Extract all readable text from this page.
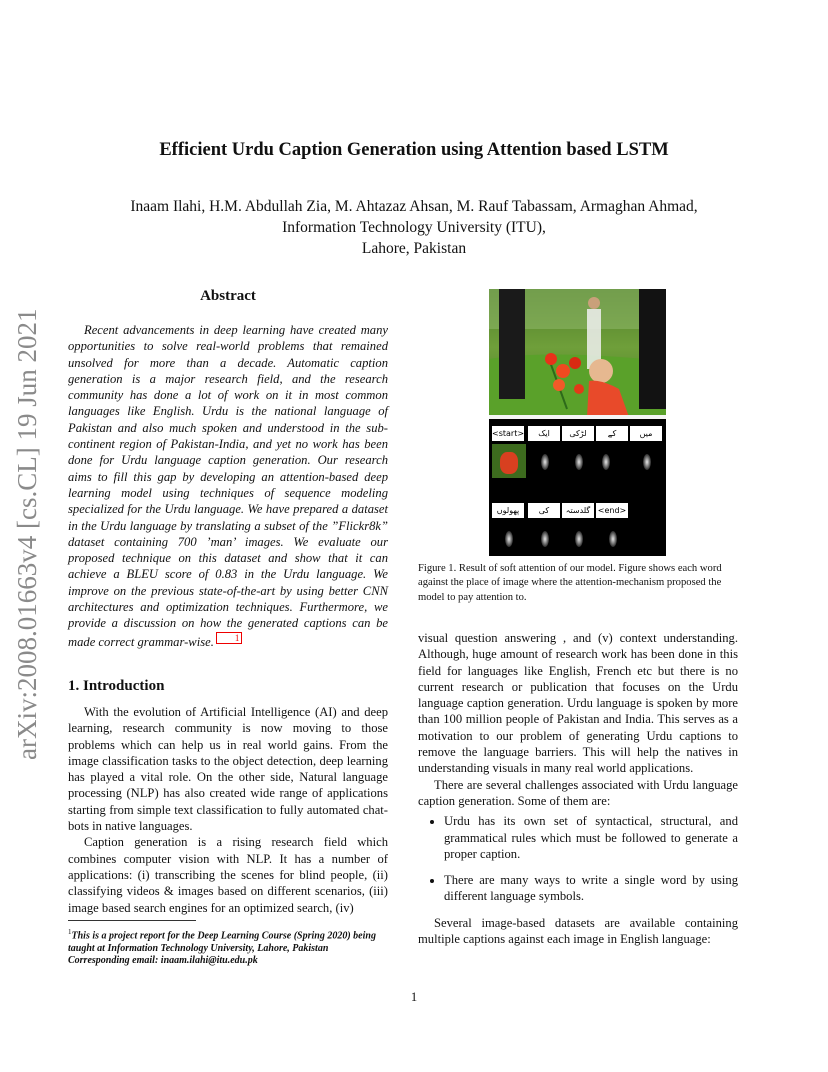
arXiv:2008.01663v4 [cs.CL] 19 Jun 2021
Efficient Urdu Caption Generation using Attention based LSTM
Inaam Ilahi, H.M. Abdullah Zia, M. Ahtazaz Ahsan, M. Rauf Tabassam, Armaghan Ahmad,
Information Technology University (ITU),
Lahore, Pakistan
Abstract
Recent advancements in deep learning have created many opportunities to solve real-world problems that remained unsolved for more than a decade. Automatic caption generation is a major research field, and the research community has done a lot of work on it in most common languages like English. Urdu is the national language of Pakistan and also much spoken and understood in the sub-continent region of Pakistan-India, and yet no work has been done for Urdu language caption generation. Our research aims to fill this gap by developing an attention-based deep learning model using techniques of sequence modeling specialized for the Urdu language. We have prepared a dataset in the Urdu language by translating a subset of the ”Flickr8k” dataset containing 700 ’man’ images. We evaluate our proposed technique on this dataset and show that it can achieve a BLEU score of 0.83 in the Urdu language. We improve on the previous state-of-the-art by using better CNN architectures and optimization techniques. Furthermore, we provide a discussion on how the generated captions can be made correct grammar-wise. 1
1. Introduction

With the evolution of Artificial Intelligence (AI) and deep learning, research community is now moving to those problems which can help us in real world gains. From the image classification tasks to the object detection, deep learning has played a vital role. On the other side, Natural language processing (NLP) has also created wide range of applications starting from simple text classification to fully automated chat-bots in native languages.

Caption generation is a rising research field which combines computer vision with NLP. It has a number of applications: (i) transcribing the scenes for blind people, (ii) classifying videos & images based on different scenarios, (iii) image based search engines for an optimized search, (iv)

$^1$This is a project report for the Deep Learning Course (Spring 2020) being taught at Information Technology University, Lahore, Pakistan
Corresponding email: inaam.ilahi@itu.edu.pk
<start>	ایک	لڑکی	کے	میں
پھولوں	کی	گلدستہ <end>
Figure 1. Result of soft attention of our model. Figure shows each word against the place of image where the attention-mechanism proposed the model to pay attention to.

visual question answering , and (v) context understanding. Although, huge amount of research work has been done in this field for languages like English, French etc but there is no current research or publication that focuses on the Urdu language caption generation. Urdu language is spoken by more than 100 million people of Pakistan and India. This serves as a motivation to our problem of generating Urdu captions to remove the language barriers. This will help the natives in understanding visuals in many real world applications.

There are several challenges associated with Urdu language caption generation. Some of them are:

• Urdu has its own set of syntactical, structural, and grammatical rules which must be followed to generate a proper caption.
• There are many ways to write a single word by using different language symbols.

Several image-based datasets are available containing multiple captions against each image in English language:

1
